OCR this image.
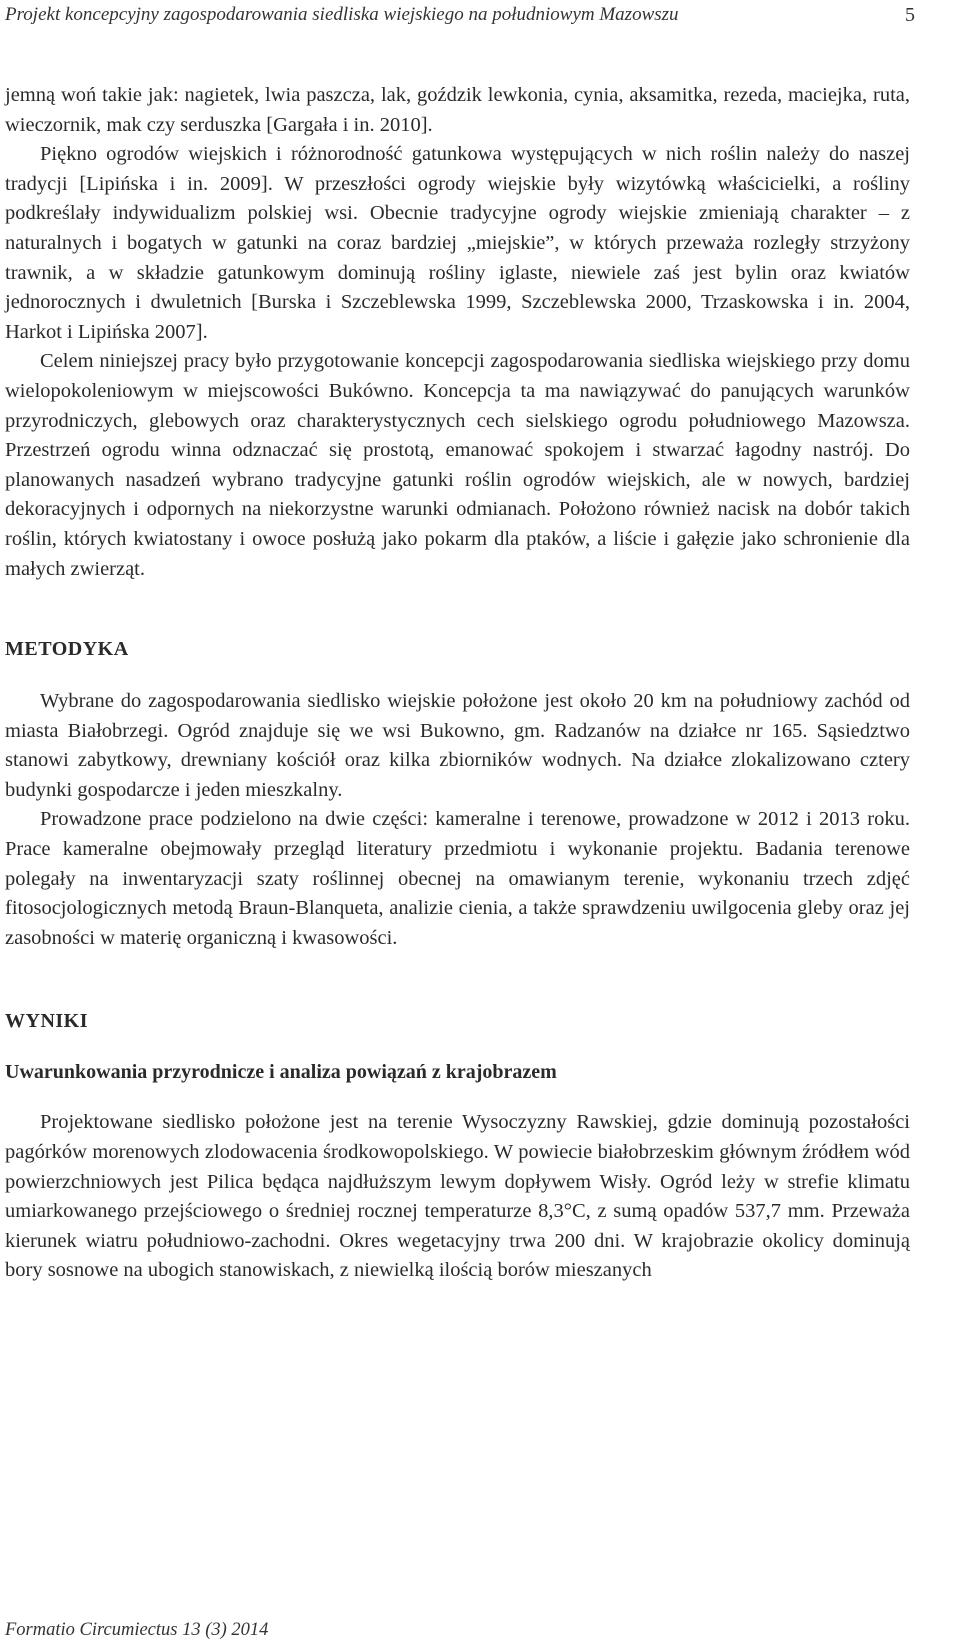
Projekt koncepcyjny zagospodarowania siedliska wiejskiego na południowym Mazowszu	5

jemną woń takie jak: nagietek, lwia paszcza, lak, goździk lewkonia, cynia, aksamitka, rezeda, maciejka, ruta, wieczornik, mak czy serduszka [Gargała i in. 2010].

Piękno ogrodów wiejskich i różnorodność gatunkowa występujących w nich roślin należy do naszej tradycji [Lipińska i in. 2009]. W przeszłości ogrody wiejskie były wizytówką właścicielki, a rośliny podkreślały indywidualizm polskiej wsi. Obecnie tradycyjne ogrody wiejskie zmieniają charakter – z naturalnych i bogatych w gatunki na coraz bardziej „miejskie”, w których przeważa rozległy strzyżony trawnik, a w składzie gatunkowym dominują rośliny iglaste, niewiele zaś jest bylin oraz kwiatów jednorocznych i dwuletnich [Burska i Szczeblewska 1999, Szczeblewska 2000, Trzaskowska i in. 2004, Harkot i Lipińska 2007].

Celem niniejszej pracy było przygotowanie koncepcji zagospodarowania siedliska wiejskiego przy domu wielopokoleniowym w miejscowości Bukówno. Koncepcja ta ma nawiązywać do panujących warunków przyrodniczych, glebowych oraz charakterystycznych cech sielskiego ogrodu południowego Mazowsza. Przestrzeń ogrodu winna odznaczać się prostotą, emanować spokojem i stwarzać łagodny nastrój. Do planowanych nasadzeń wybrano tradycyjne gatunki roślin ogrodów wiejskich, ale w nowych, bardziej dekoracyjnych i odpornych na niekorzystne warunki odmianach. Położono również nacisk na dobór takich roślin, których kwiatostany i owoce posłużą jako pokarm dla ptaków, a liście i gałęzie jako schronienie dla małych zwierząt.

METODYKA

Wybrane do zagospodarowania siedlisko wiejskie położone jest około 20 km na południowy zachód od miasta Białobrzegi. Ogród znajduje się we wsi Bukowno, gm. Radzanów na działce nr 165. Sąsiedztwo stanowi zabytkowy, drewniany kościół oraz kilka zbiorników wodnych. Na działce zlokalizowano cztery budynki gospodarcze i jeden mieszkalny.

Prowadzone prace podzielono na dwie części: kameralne i terenowe, prowadzone w 2012 i 2013 roku. Prace kameralne obejmowały przegląd literatury przedmiotu i wykonanie projektu. Badania terenowe polegały na inwentaryzacji szaty roślinnej obecnej na omawianym terenie, wykonaniu trzech zdjęć fitosocjologicznych metodą Braun-Blanqueta, analizie cienia, a także sprawdzeniu uwilgocenia gleby oraz jej zasobności w materię organiczną i kwasowości.

WYNIKI
Uwarunkowania przyrodnicze i analiza powiązań z krajobrazem

Projektowane siedlisko położone jest na terenie Wysoczyzny Rawskiej, gdzie dominują pozostałości pagórków morenowych zlodowacenia środkowopolskiego. W powiecie białobrzeskim głównym źródłem wód powierzchniowych jest Pilica będąca najdłuższym lewym dopływem Wisły. Ogród leży w strefie klimatu umiarkowanego przejściowego o średniej rocznej temperaturze 8,3°C, z sumą opadów 537,7 mm. Przeważa kierunek wiatru południowo-zachodni. Okres wegetacyjny trwa 200 dni. W krajobrazie okolicy dominują bory sosnowe na ubogich stanowiskach, z niewielką ilością borów mieszanych

Formatio Circumiectus 13 (3) 2014
